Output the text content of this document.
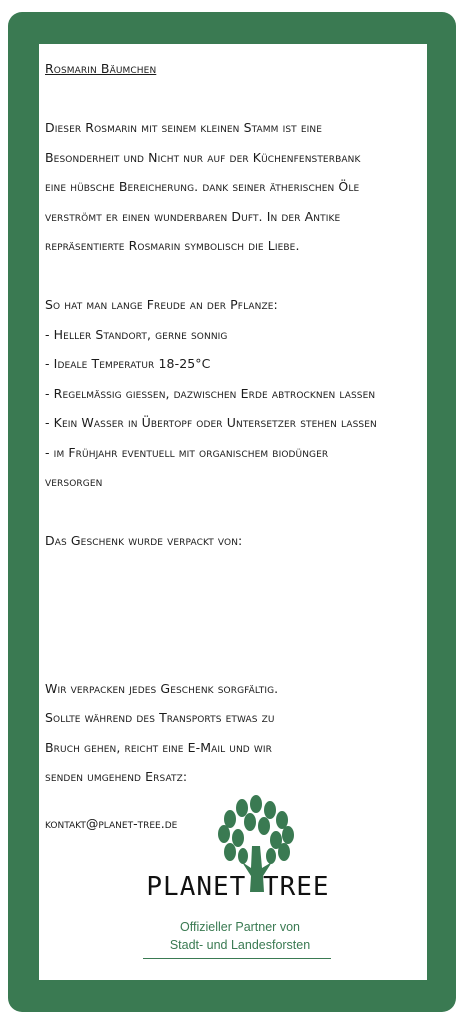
Rosmarin Bäumchen
Dieser Rosmarin mit seinem kleinen Stamm ist eine
Besonderheit und Nicht nur auf der Küchenfensterbank
eine hübsche Bereicherung. dank seiner ätherischen Öle
verströmt er einen wunderbaren Duft. In der Antike
repräsentierte Rosmarin symbolisch die Liebe.
So hat man lange Freude an der Pflanze:
- Heller Standort, gerne sonnig
- Ideale Temperatur 18-25°C
- Regelmäßig gießen, dazwischen Erde abtrocknen lassen
- Kein Wasser in Übertopf oder Untersetzer stehen lassen
- im Frühjahr eventuell mit organischem biodünger
versorgen
Das Geschenk wurde verpackt von:
Wir verpacken jedes Geschenk sorgfältig.
Sollte während des Transports etwas zu
Bruch gehen, reicht eine E-Mail und wir
senden umgehend Ersatz:
kontakt@planet-tree.de
PLANET TREE
Offizieller Partner von
Stadt- und Landesforsten
